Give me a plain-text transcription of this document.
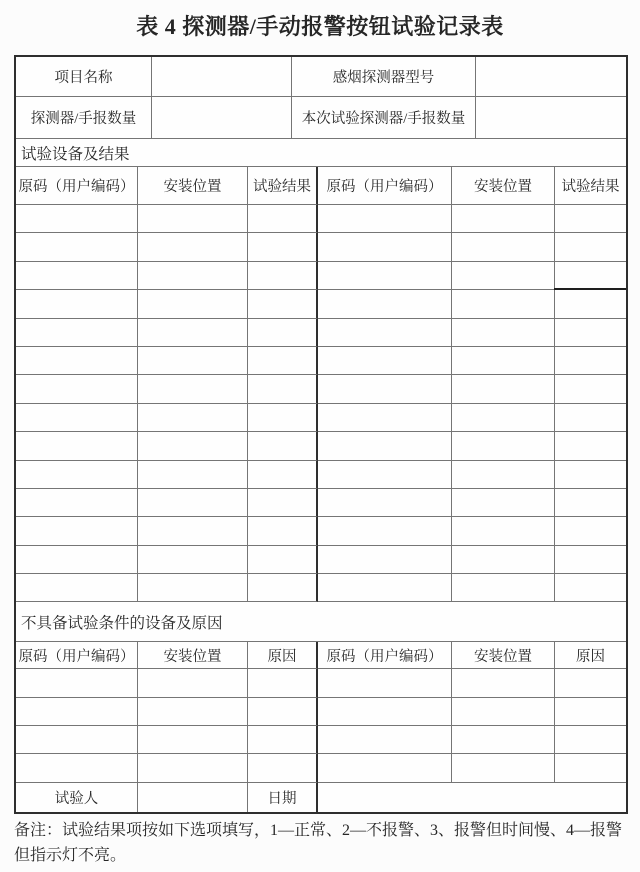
表 4 探测器/手动报警按钮试验记录表
项目名称	感烟探测器型号
探测器/手报数量	本次试验探测器/手报数量
试验设备及结果
原码（用户编码）	安装位置	试验结果	原码（用户编码）	安装位置	试验结果
不具备试验条件的设备及原因
原码（用户编码）	安装位置	原因	原码（用户编码）	安装位置	原因
试验人	日期
备注：试验结果项按如下选项填写，1—正常、2—不报警、3、报警但时间慢、4—报警但指示灯不亮。
